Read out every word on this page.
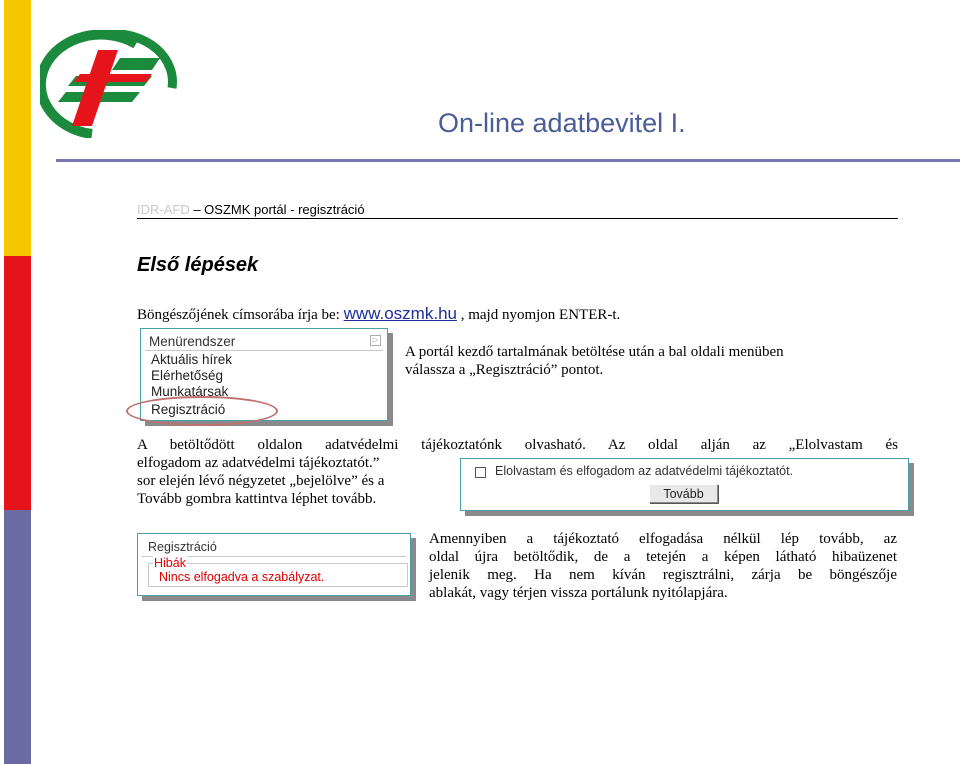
On-line adatbevitel I.
IDR-AFD – OSZMK portál - regisztráció
Első lépések
Böngészőjének címsorába írja be: www.oszmk.hu , majd nyomjon ENTER-t.
Menürendszer	▷
Aktuális hírek
Elérhetőség
Munkatársak
Regisztráció
A portál kezdő tartalmának betöltése után a bal oldali menüben
válassza a „Regisztráció” pontot.
A betöltődött oldalon adatvédelmi tájékoztatónk olvasható. Az oldal alján az „Elolvastam és
elfogadom az adatvédelmi tájékoztatót.”
sor elején lévő négyzetet „bejelölve” és a
Tovább gombra kattintva léphet tovább.
Elolvastam és elfogadom az adatvédelmi tájékoztatót.
Tovább
Regisztráció
Hibák
Nincs elfogadva a szabályzat.
Amennyiben a tájékoztató elfogadása nélkül lép tovább, az
oldal újra betöltődik, de a tetején a képen látható hibaüzenet
jelenik meg. Ha nem kíván regisztrálni, zárja be böngészője
ablakát, vagy térjen vissza portálunk nyitólapjára.
